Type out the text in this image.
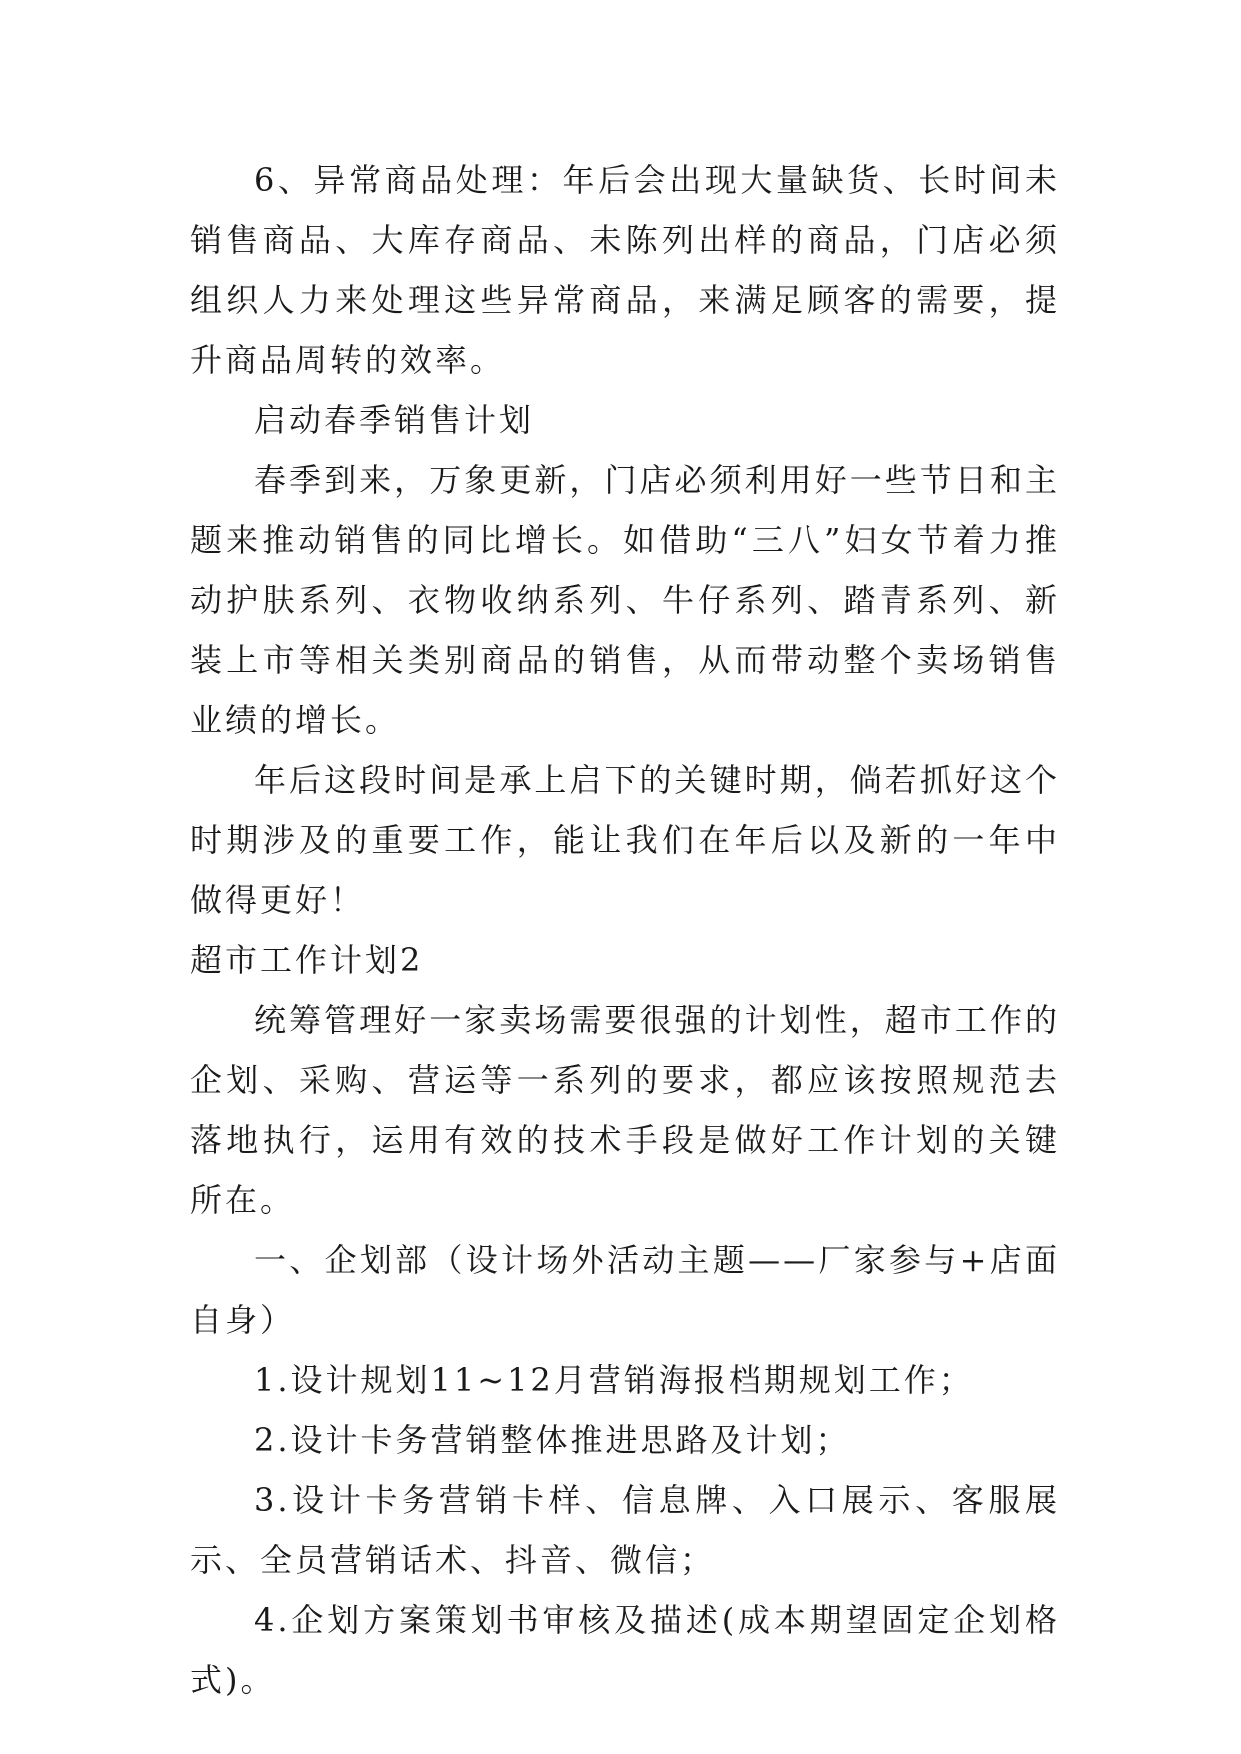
6、异常商品处理：年后会出现大量缺货、长时间未销售商品、大库存商品、未陈列出样的商品，门店必须组织人力来处理这些异常商品，来满足顾客的需要，提升商品周转的效率。

启动春季销售计划

春季到来，万象更新，门店必须利用好一些节日和主题来推动销售的同比增长。如借助“三八”妇女节着力推动护肤系列、衣物收纳系列、牛仔系列、踏青系列、新装上市等相关类别商品的销售，从而带动整个卖场销售业绩的增长。

年后这段时间是承上启下的关键时期，倘若抓好这个时期涉及的重要工作，能让我们在年后以及新的一年中做得更好！

超市工作计划2

统筹管理好一家卖场需要很强的计划性，超市工作的企划、采购、营运等一系列的要求，都应该按照规范去落地执行，运用有效的技术手段是做好工作计划的关键所在。

一、企划部（设计场外活动主题——厂家参与+店面自身）

1.设计规划11~12月营销海报档期规划工作；

2.设计卡务营销整体推进思路及计划；

3.设计卡务营销卡样、信息牌、入口展示、客服展示、全员营销话术、抖音、微信；

4.企划方案策划书审核及描述(成本期望固定企划格式)。
